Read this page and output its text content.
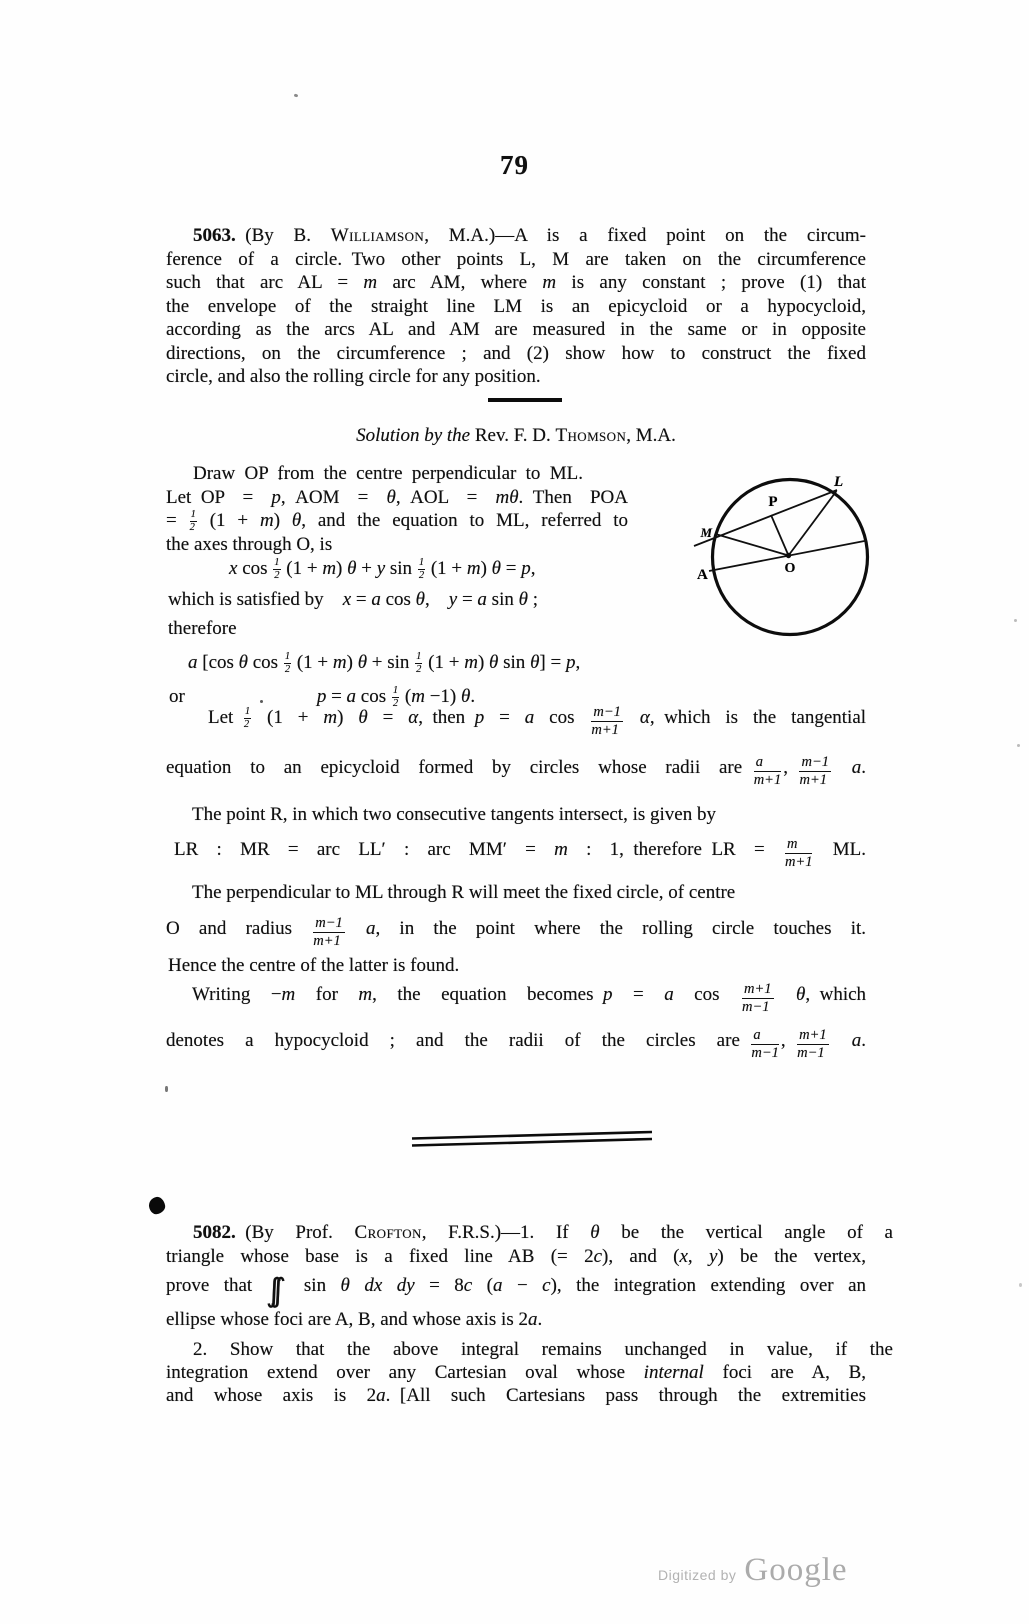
79
5063. (By B. Williamson, M.A.)—A is a fixed point on the circum-
ference of a circle. Two other points L, M are taken on the circumference
such that arc AL = m arc AM, where m is any constant ; prove (1) that
the envelope of the straight line LM is an epicycloid or a hypocycloid,
according as the arcs AL and AM are measured in the same or in opposite
directions, on the circumference ; and (2) show how to construct the fixed
circle, and also the rolling circle for any position.
Solution by the Rev. F. D. Thomson, M.A.
Draw OP from the centre perpendicular to ML.
Let OP = p, AOM = θ, AOL = mθ. Then POA
= $\frac{1}{2} (1 + m)$ θ, and the equation to ML, referred to
the axes through O, is
L
P
M
A	O
x $\cos \frac{1}{2} (1 + m) \theta + y$ $\sin \frac{1}{2} (1 + m) \theta = p$,
which is satisfied by  x = a cos θ,  y = a sin θ ;
therefore
a [cos θ $\cos \frac{1}{2} (1 + m) \theta + \sin \frac{1}{2} (1 + m)$ θ sin θ] = p,
or	p = a $\cos \frac{1}{2} (m -1)$ θ.
Let  $\frac{1}{2} (1 + m) \theta = \alpha$, then p = a $\cos \frac{m-1}{m+1} \alpha$, which is the tangential
equation to an epicycloid formed by circles whose radii are  $\frac{a}{m+1}$ ,  $\frac{m-1}{m+1} a$.
The point R, in which two consecutive tangents intersect, is given by
LR : MR = arc LL′ : arc MM′ = m : 1, therefore LR = $\frac{m}{m+1}$ ML.
The perpendicular to ML through R will meet the fixed circle, of centre
O and radius $\frac{m-1}{m+1} a$, in the point where the rolling circle touches it.
Hence the centre of the latter is found.
Writing −m for m, the equation becomes p = a $\cos \frac{m+1}{m-1} \theta$, which
denotes a hypocycloid ; and the radii of the circles are  $\frac{a}{m-1}$ ,  $\frac{m+1}{m-1} a$.
5082. (By Prof. Crofton, F.R.S.)—1. If θ be the vertical angle of a
triangle whose base is a fixed line AB (= 2c), and (x, y) be the vertex,
prove that ∫∫ sin θ dx dy = 8c (a − c), the integration extending over an
ellipse whose foci are A, B, and whose axis is 2a.
2. Show that the above integral remains unchanged in value, if the
integration extend over any Cartesian oval whose internal foci are A, B,
and whose axis is 2a. [All such Cartesians pass through the extremities
Digitized by Google
